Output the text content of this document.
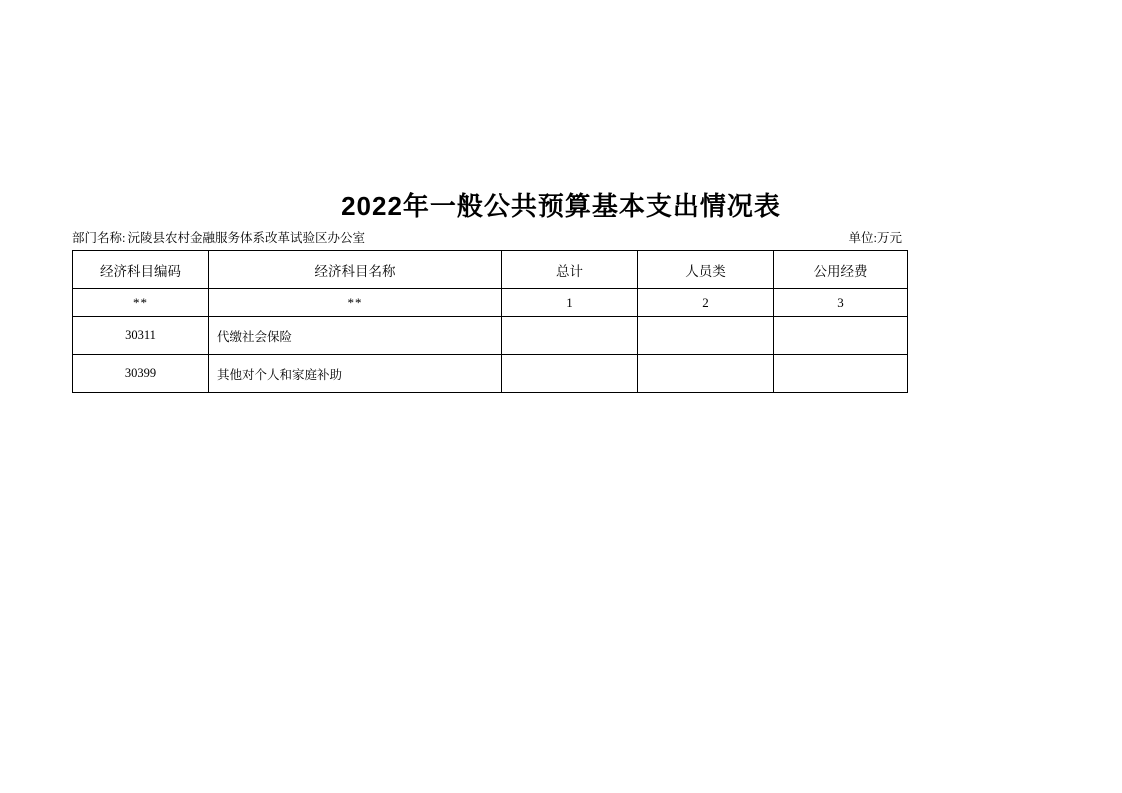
2022年一般公共预算基本支出情况表
部门名称: 沅陵县农村金融服务体系改革试验区办公室	单位:万元
经济科目编码	经济科目名称	总计	人员类	公用经费
**	**	1	2	3
30311	代缴社会保险			
30399	其他对个人和家庭补助			
